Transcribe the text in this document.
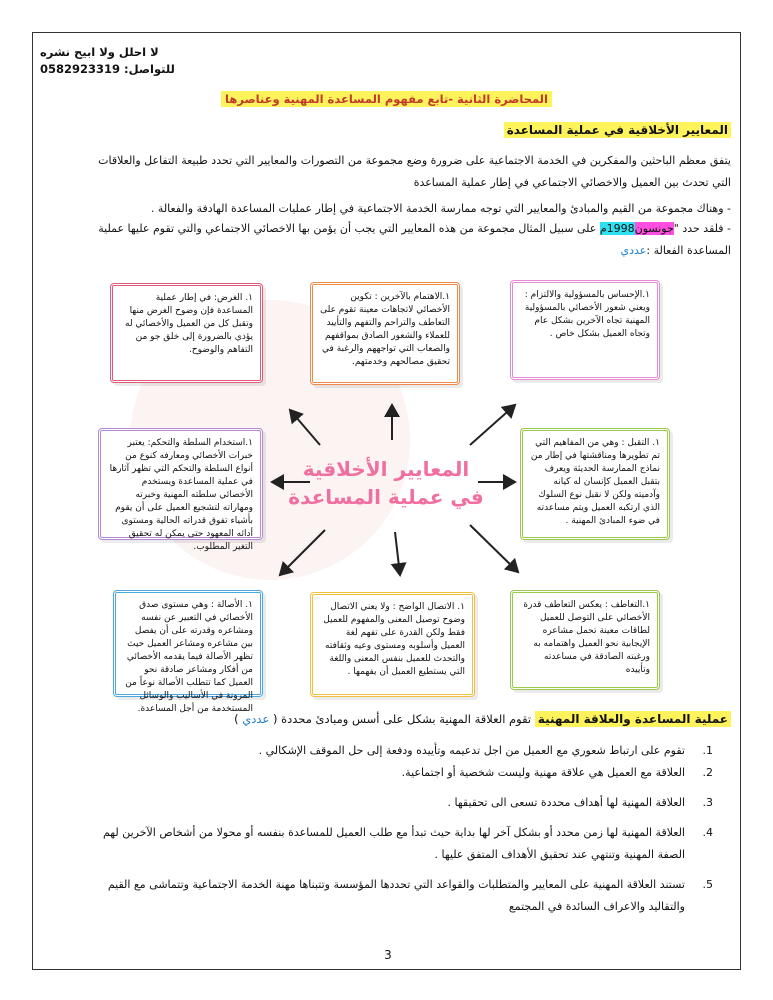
لا احلل ولا ابيح نشره
للتواصل: 0582923319
المحاضرة الثانية -تابع مفهوم المساعدة المهنية وعناصرها
المعايير الأخلاقية في عملية المساعدة
يتفق معظم الباحثين والمفكرين في الخدمة الاجتماعية على ضرورة وضع مجموعة من التصورات والمعايير التي تحدد طبيعة التفاعل والعلاقات التي تحدث بين العميل والاخصائي الاجتماعي في إطار عملية المساعدة
- وهناك مجموعة من القيم والمبادئ والمعايير التي توجه ممارسة الخدمة الاجتماعية في إطار عمليات المساعدة الهادفة والفعالة .
- فلقد حدد "جونسون1998م على سبيل المثال مجموعة من هذه المعايير التي يجب أن يؤمن بها الاخصائي الاجتماعي والتي تقوم عليها عملية المساعدة الفعالة :عددي
١.الإحساس بالمسؤولية والالتزام : ويعني شعور الأخصائي بالمسؤولية المهنية تجاه الآخرين بشكل عام وتجاه العميل بشكل خاص .
١.الاهتمام بالآخرين : تكوين الأخصائي لاتجاهات معينة تقوم على التعاطف والتراحم والتفهم والتأييد للعملاء والشعور الصادق بمواقفهم والصعاب التي تواجههم والرغبة في تحقيق مصالحهم وخدمتهم.
١. الغرض: في إطار عملية المساعدة فإن وضوح الغرض منها وتقبل كل من العميل والأخصائي له يؤدي بالضرورة إلى خلق جو من التفاهم والوضوح.
١. التقبل : وهي من المفاهيم التي تم تطويرها ومناقشتها في إطار من نماذج الممارسة الحديثة ويعرف بتقبل العميل كإنسان له كيانه وآدميته ولكن لا نقبل نوع السلوك الذي ارتكبه العميل ويتم مساعدته في ضوء المبادئ المهنية .
١.استخدام السلطة والتحكم: يعتبر خبرات الأخصائي ومعارفه كنوع من أنواع السلطة والتحكم التي تظهر آثارها في عملية المساعدة ويستخدم الأخصائي سلطته المهنية وخبرته ومهاراته لتشجيع العميل على أن يقوم بأشياء تفوق قدراته الحالية ومستوى أدائه المعهود حتى يمكن له تحقيق التغير المطلوب.
١.التعاطف : يعكس التعاطف قدرة الأخصائي على التوصل للعميل لطاقات معينة تحمل مشاعره الإيجابية نحو العميل واهتمامه به ورغبته الصادقة في مساعدته وتأييده
١. الاتصال الواضح : ولا يعني الاتصال وضوح توصيل المعنى والمفهوم للعميل فقط ولكن القدرة على تفهم لغة العميل وأسلوبه ومستوى وعيه وثقافته والتحدث للعميل بنفس المعنى واللغة التي يستطيع العميل أن يفهمها .
١. الأصالة : وهي مستوى صدق الأخصائي في التعبير عن نفسه ومشاعره وقدرته على أن يفصل بين مشاعره ومشاعر العميل حيث تظهر الأصالة فيما يقدمه الأخصائي من أفكار ومشاعر صادقة نحو العميل كما تتطلب الأصالة نوعاً من المرونة في الأساليب والوسائل المستخدمة من أجل المساعدة.
المعايير الأخلاقية
في عملية المساعدة
عملية المساعدة والعلاقة المهنية تقوم العلاقة المهنية بشكل على أسس ومبادئ محددة ( عددي )
1.
تقوم على ارتباط شعوري مع العميل من اجل تدعيمه وتأييده ودفعة إلى حل الموقف الإشكالي .
2.
العلاقة مع العميل هي علاقة مهنية وليست شخصية أو اجتماعية.
3.
العلاقة المهنية لها أهداف محددة تسعى الى تحقيقها .
4.
العلاقة المهنية لها زمن محدد أو بشكل آخر لها بداية حيث تبدأ مع طلب العميل للمساعدة بنفسه أو محولا من أشخاص الآخرين لهم الصفة المهنية وتنتهي عند تحقيق الأهداف المتفق عليها .
5.
تستند العلاقة المهنية على المعايير والمتطلبات والقواعد التي تحددها المؤسسة وتتبناها مهنة الخدمة الاجتماعية وتتماشى مع القيم والتقاليد والاعراف السائدة في المجتمع
3
